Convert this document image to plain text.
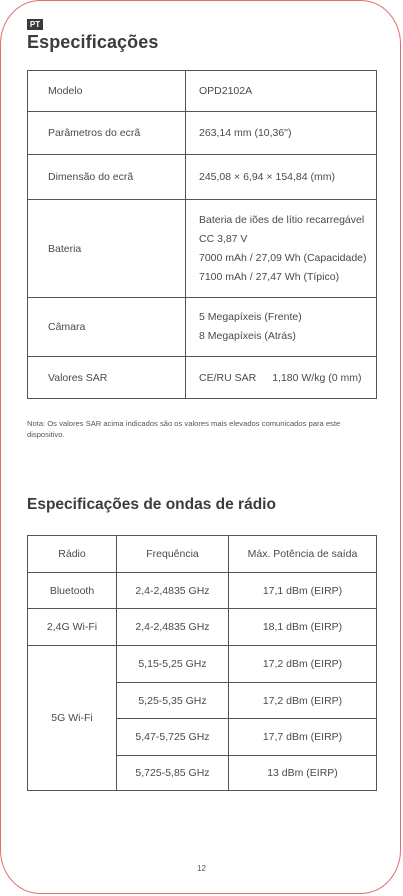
PT
Especificações
Modelo	OPD2102A

Parâmetros do ecrã	263,14 mm (10,36")

Dimensão do ecrã	245,08 × 6,94 × 154,84 (mm)

Bateria	Bateria de iões de lítio recarregável
CC 3,87 V
7000 mAh / 27,09 Wh (Capacidade)
7100 mAh / 27,47 Wh (Típico)

Câmara	5 Megapíxeis (Frente)
8 Megapíxeis (Atrás)

Valores SAR	CE/RU SAR 1,180 W/kg (0 mm)
Nota: Os valores SAR acima indicados são os valores mais elevados comunicados para este dispositivo.
Especificações de ondas de rádio
Rádio	Frequência	Máx. Potência de saída
Bluetooth	2,4-2,4835 GHz	17,1 dBm (EIRP)
2,4G Wi-Fi	2,4-2,4835 GHz	18,1 dBm (EIRP)
5G Wi-Fi	5,15-5,25 GHz	17,2 dBm (EIRP)
	5,25-5,35 GHz	17,2 dBm (EIRP)
	5,47-5,725 GHz	17,7 dBm (EIRP)
	5,725-5,85 GHz	13 dBm (EIRP)
12
